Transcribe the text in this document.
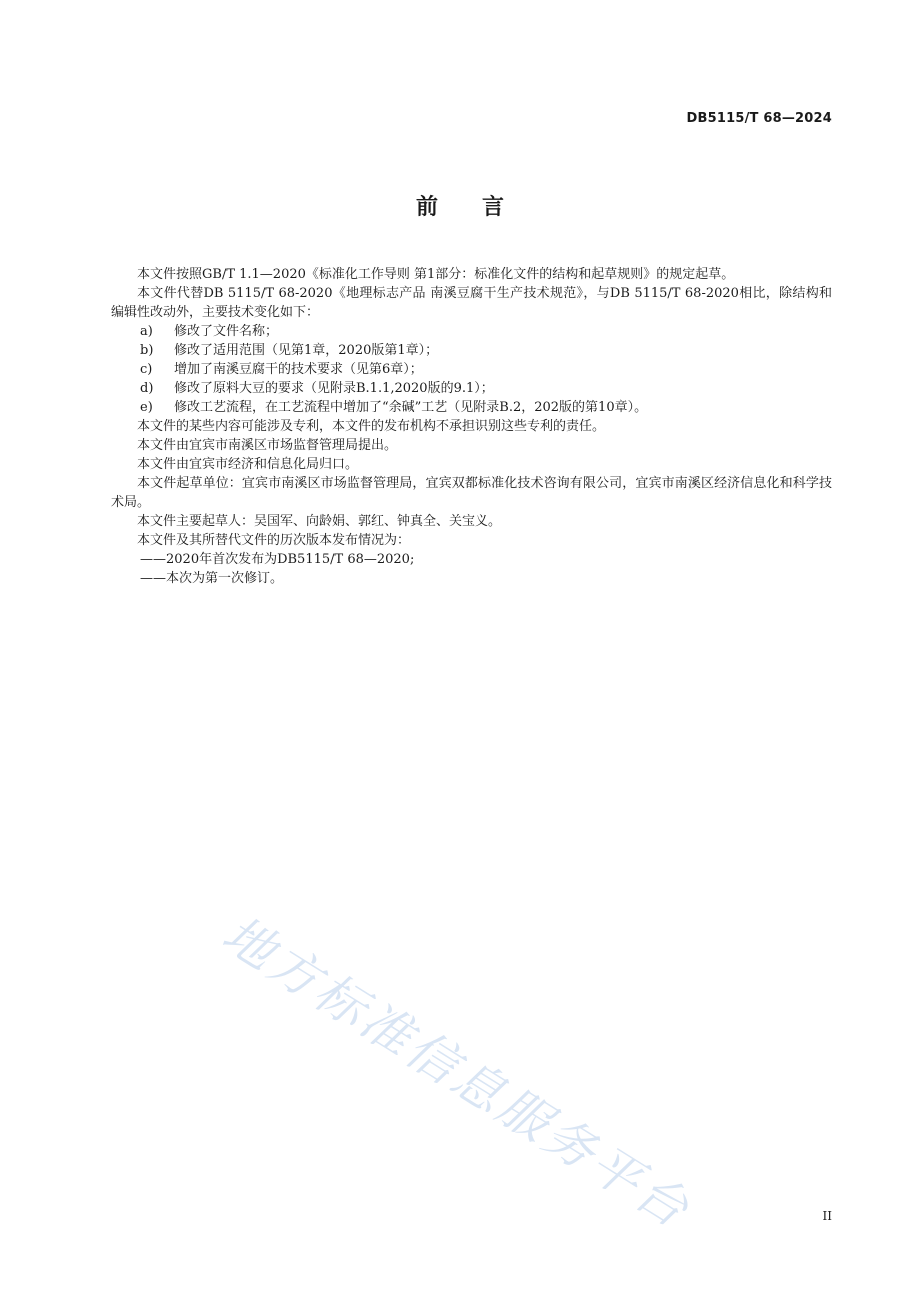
DB5115/T 68—2024
前言

本文件按照GB/T 1.1—2020《标准化工作导则 第1部分：标准化文件的结构和起草规则》的规定起草。

本文件代替DB 5115/T 68-2020《地理标志产品 南溪豆腐干生产技术规范》，与DB 5115/T 68-2020相比，除结构和编辑性改动外，主要技术变化如下：

a)	修改了文件名称；
b)	修改了适用范围（见第1章，2020版第1章）；
c)	增加了南溪豆腐干的技术要求（见第6章）；
d)	修改了原料大豆的要求（见附录B.1.1,2020版的9.1）；
e)	修改工艺流程，在工艺流程中增加了“余碱”工艺（见附录B.2，202版的第10章）。

本文件的某些内容可能涉及专利，本文件的发布机构不承担识别这些专利的责任。

本文件由宜宾市南溪区市场监督管理局提出。

本文件由宜宾市经济和信息化局归口。

本文件起草单位：宜宾市南溪区市场监督管理局，宜宾双都标准化技术咨询有限公司，宜宾市南溪区经济信息化和科学技术局。

本文件主要起草人：吴国军、向龄娟、郭红、钟真全、关宝义。

本文件及其所替代文件的历次版本发布情况为：

——2020年首次发布为DB5115/T 68—2020;

——本次为第一次修订。

地方标准信息服务平台	II
